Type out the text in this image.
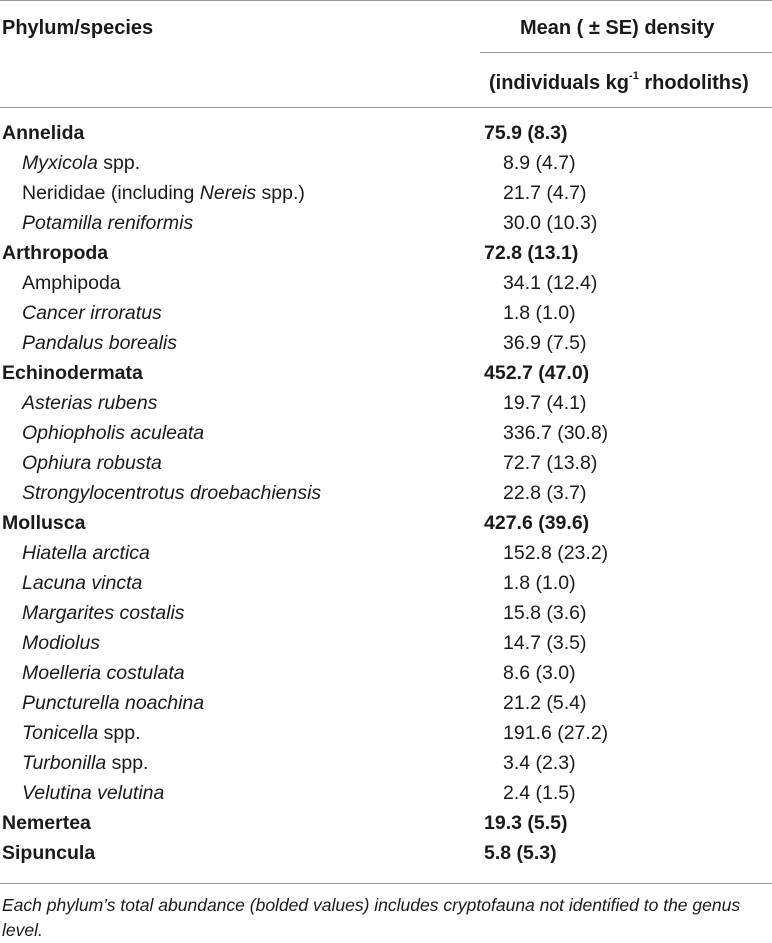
Phylum/species	Mean ( ± SE) density
(individuals $kg^{-1}$ rhodoliths)
Annelida	75.9 (8.3)
Myxicola spp.	8.9 (4.7)
Nerididae (including Nereis spp.)	21.7 (4.7)
Potamilla reniformis	30.0 (10.3)
Arthropoda	72.8 (13.1)
Amphipoda	34.1 (12.4)
Cancer irroratus	1.8 (1.0)
Pandalus borealis	36.9 (7.5)
Echinodermata	452.7 (47.0)
Asterias rubens	19.7 (4.1)
Ophiopholis aculeata	336.7 (30.8)
Ophiura robusta	72.7 (13.8)
Strongylocentrotus droebachiensis	22.8 (3.7)
Mollusca	427.6 (39.6)
Hiatella arctica	152.8 (23.2)
Lacuna vincta	1.8 (1.0)
Margarites costalis	15.8 (3.6)
Modiolus	14.7 (3.5)
Moelleria costulata	8.6 (3.0)
Puncturella noachina	21.2 (5.4)
Tonicella spp.	191.6 (27.2)
Turbonilla spp.	3.4 (2.3)
Velutina velutina	2.4 (1.5)
Nemertea	19.3 (5.5)
Sipuncula	5.8 (5.3)
Each phylum’s total abundance (bolded values) includes cryptofauna not identified to the genus level.
